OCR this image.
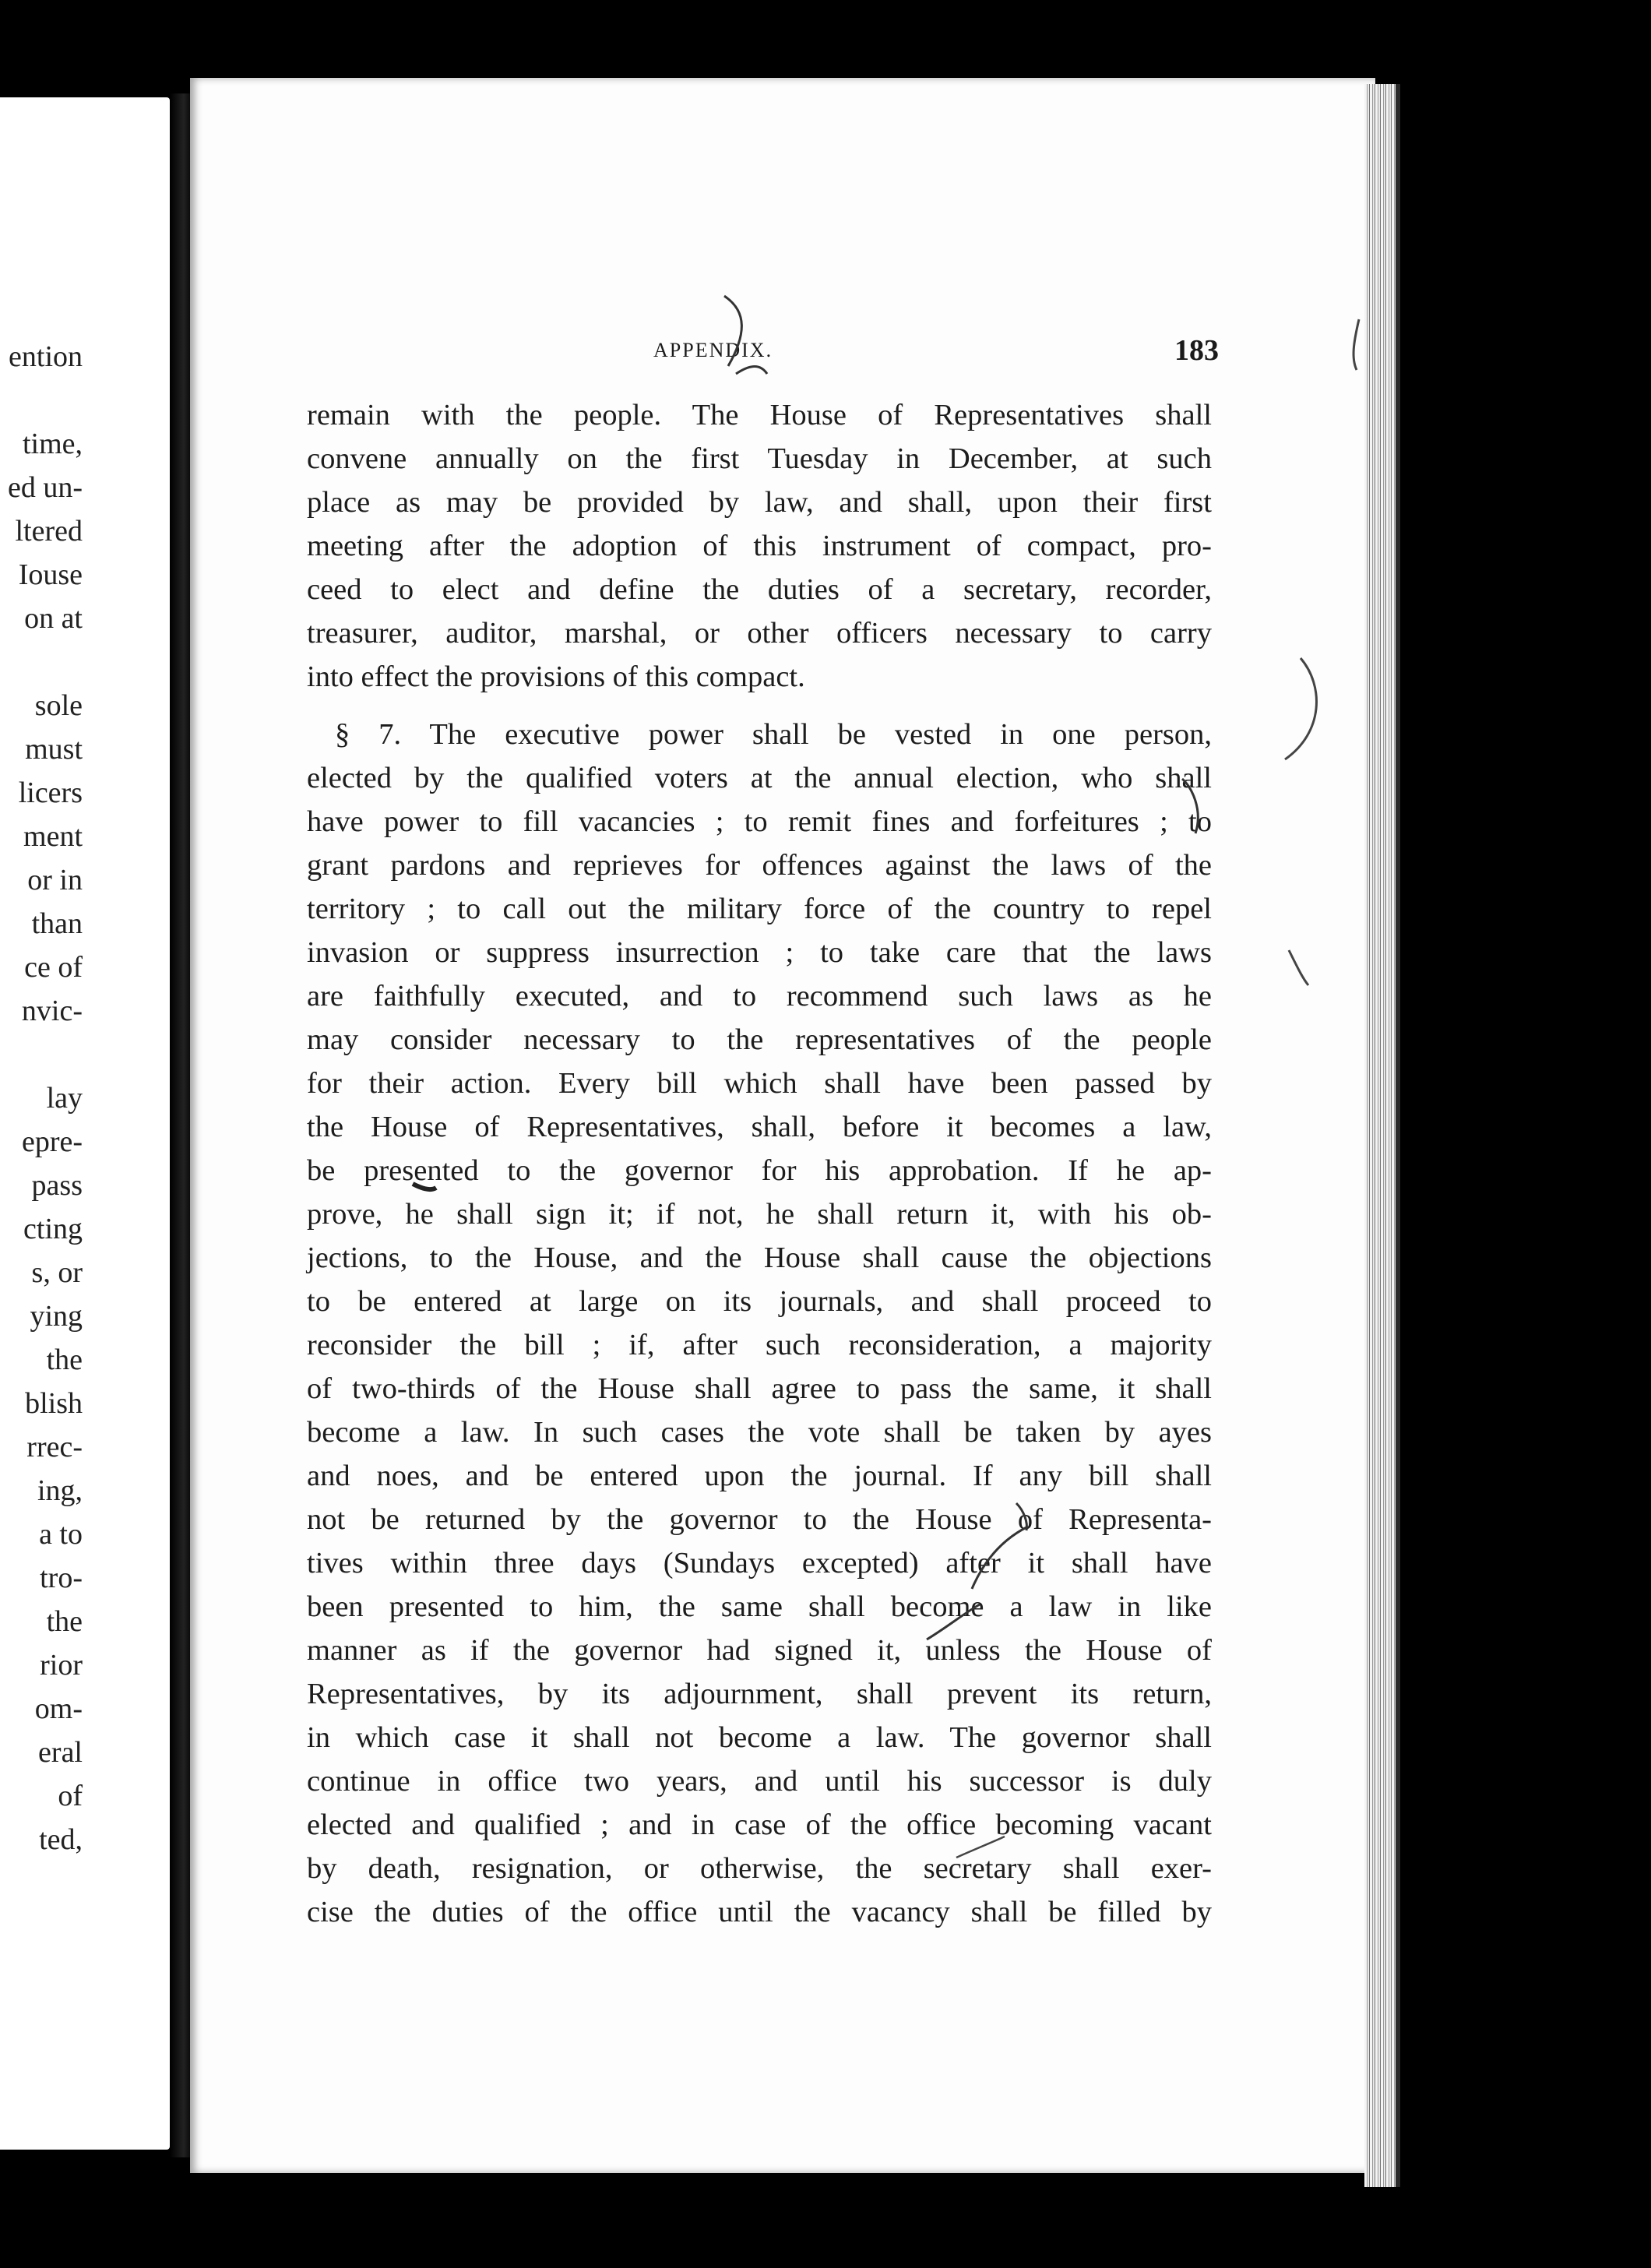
ention
time,
ed un-
ltered
Iouse
on at
sole
must
licers
ment
or in
than
ce of
nvic-
lay
epre-
pass
cting
s, or
ying
the
blish
rrec-
ing,
a to
tro-
the
rior
om-
eral
of
ted,
APPENDIX.	183
remain with the people. The House of Representatives shall
convene annually on the first Tuesday in December, at such
place as may be provided by law, and shall, upon their first
meeting after the adoption of this instrument of compact, pro-
ceed to elect and define the duties of a secretary, recorder,
treasurer, auditor, marshal, or other officers necessary to carry
into effect the provisions of this compact.
§ 7. The executive power shall be vested in one person,
elected by the qualified voters at the annual election, who shall
have power to fill vacancies ; to remit fines and forfeitures ; to
grant pardons and reprieves for offences against the laws of the
territory ; to call out the military force of the country to repel
invasion or suppress insurrection ; to take care that the laws
are faithfully executed, and to recommend such laws as he
may consider necessary to the representatives of the people
for their action. Every bill which shall have been passed by
the House of Representatives, shall, before it becomes a law,
be presented to the governor for his approbation. If he ap-
prove, he shall sign it; if not, he shall return it, with his ob-
jections, to the House, and the House shall cause the objections
to be entered at large on its journals, and shall proceed to
reconsider the bill ; if, after such reconsideration, a majority
of two-thirds of the House shall agree to pass the same, it shall
become a law. In such cases the vote shall be taken by ayes
and noes, and be entered upon the journal. If any bill shall
not be returned by the governor to the House of Representa-
tives within three days (Sundays excepted) after it shall have
been presented to him, the same shall become a law in like
manner as if the governor had signed it, unless the House of
Representatives, by its adjournment, shall prevent its return,
in which case it shall not become a law. The governor shall
continue in office two years, and until his successor is duly
elected and qualified ; and in case of the office becoming vacant
by death, resignation, or otherwise, the secretary shall exer-
cise the duties of the office until the vacancy shall be filled by
